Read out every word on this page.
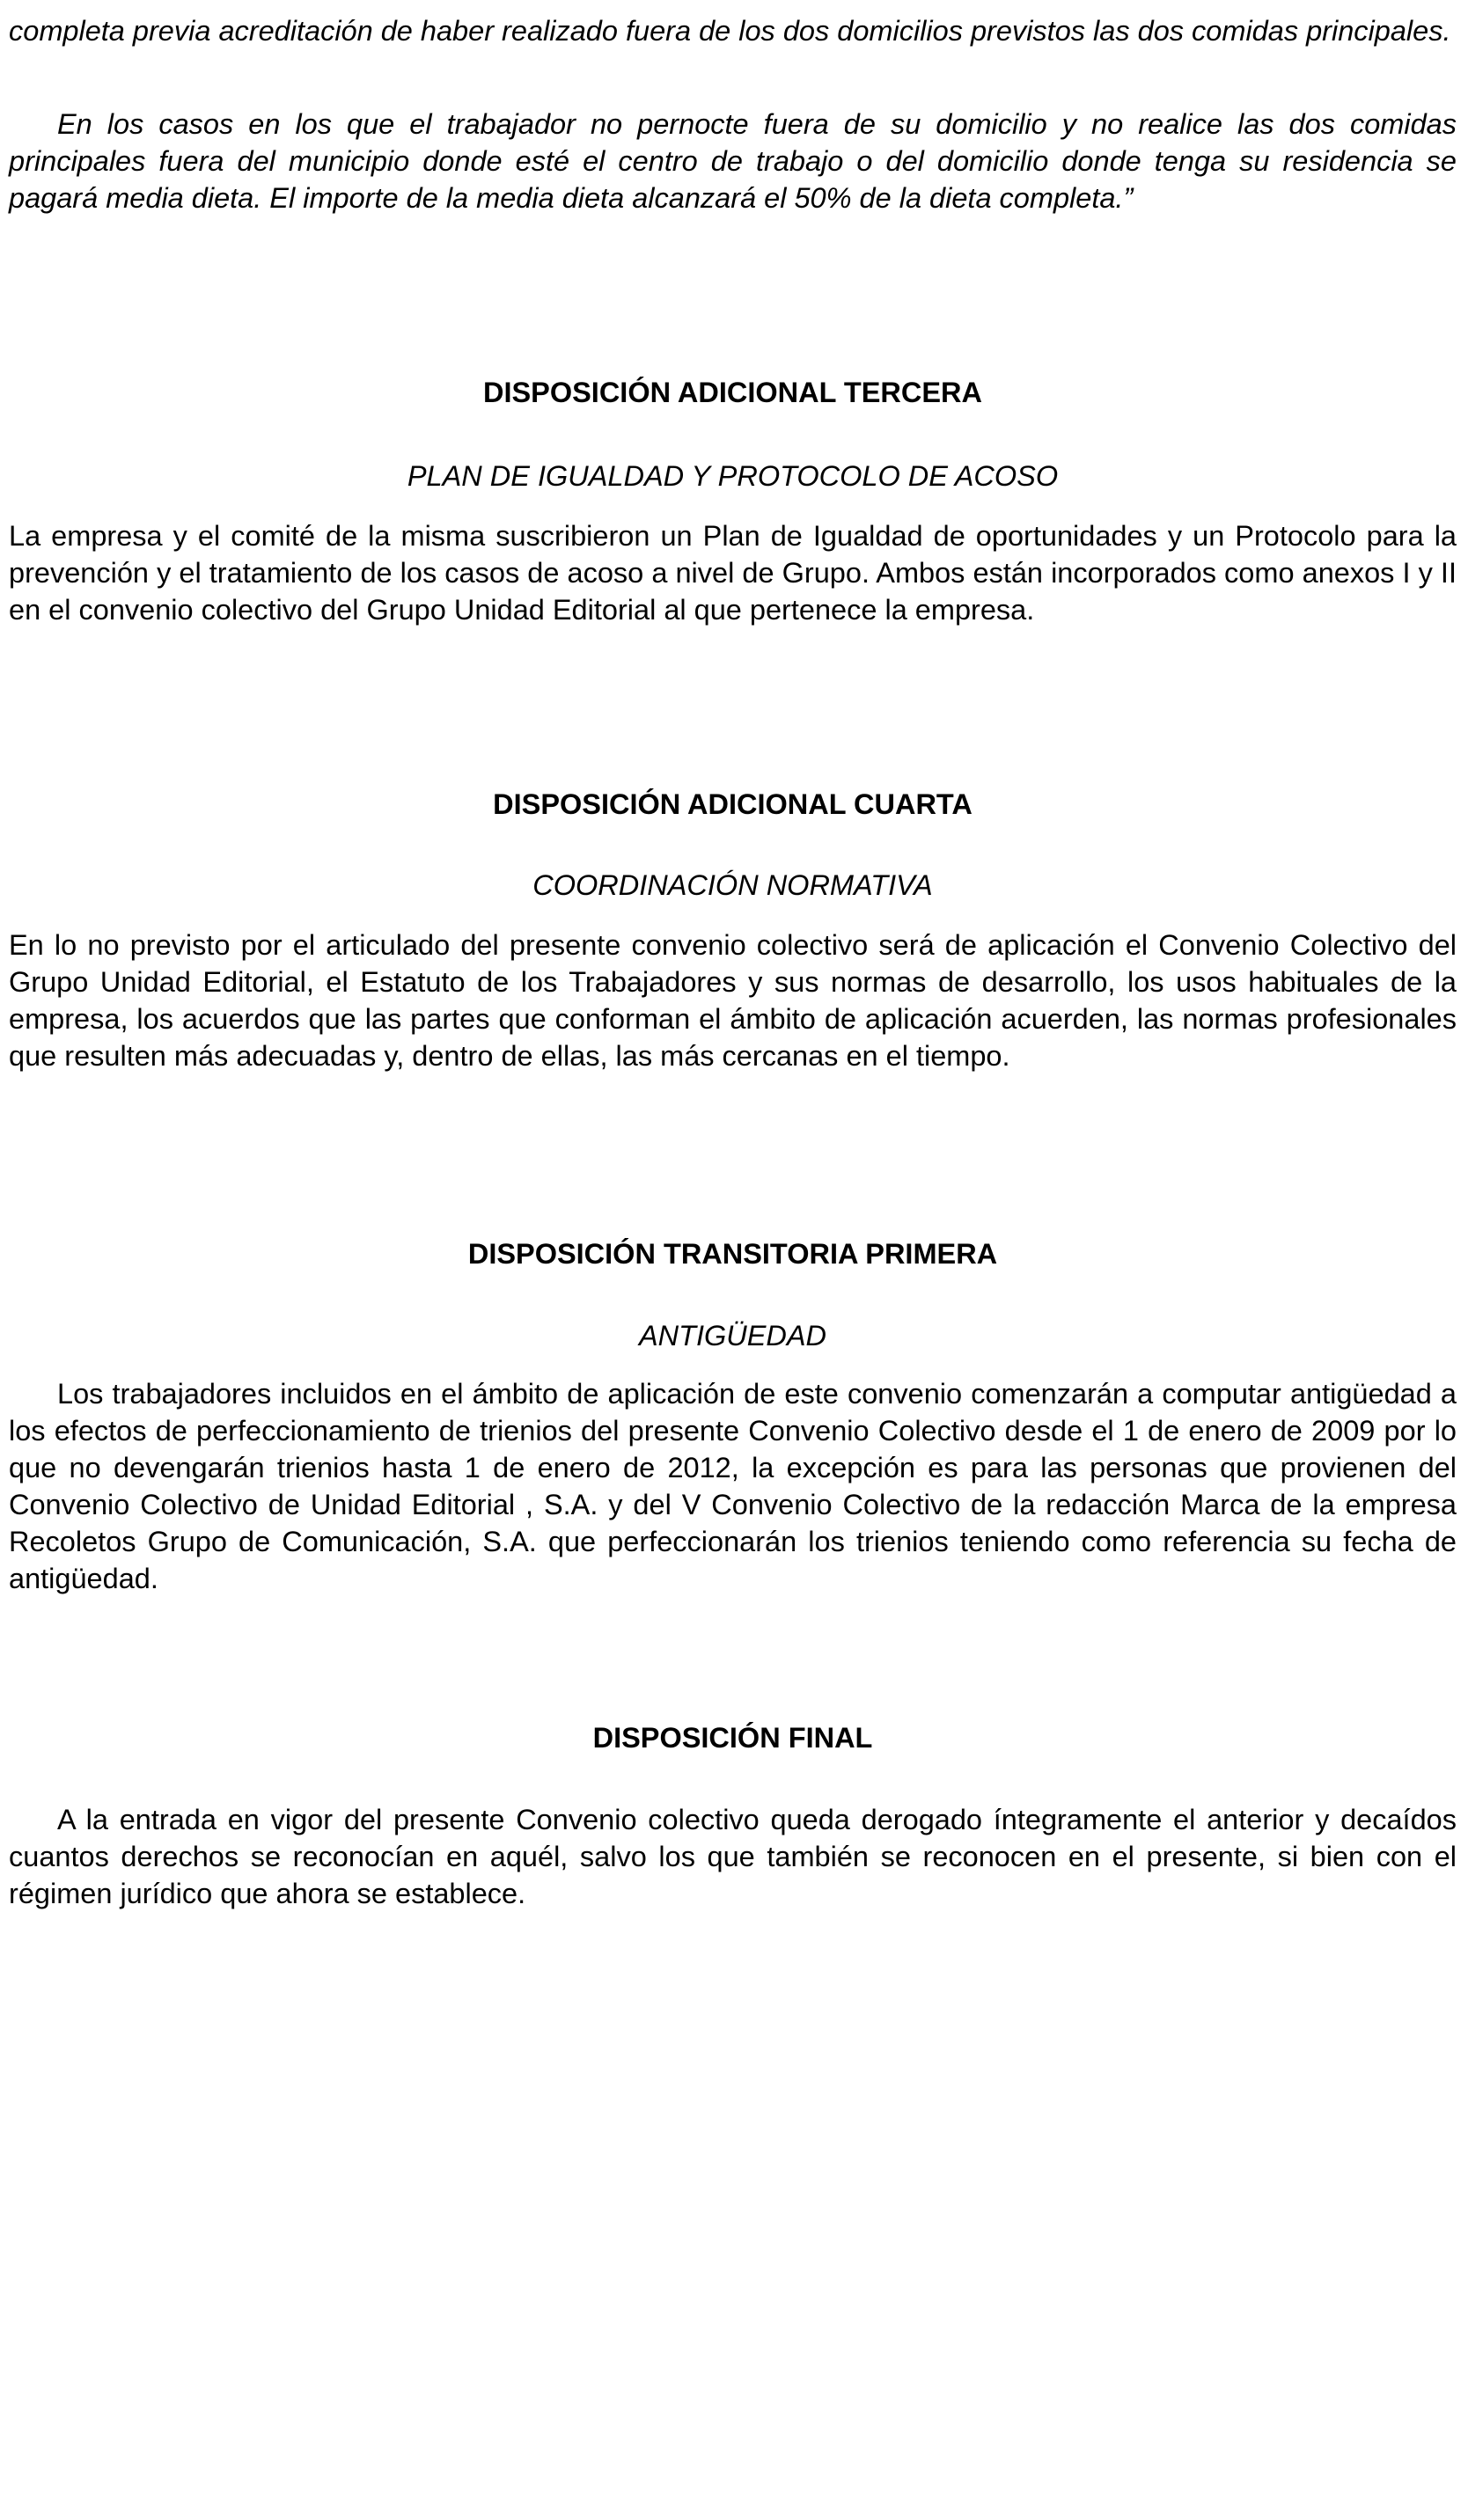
completa previa acreditación de haber realizado fuera de los dos domicilios previstos las dos comidas principales.

En los casos en los que el trabajador no pernocte fuera de su domicilio y no realice las dos comidas principales fuera del municipio donde esté el centro de trabajo o del domicilio donde tenga su residencia se pagará media dieta. El importe de la media dieta alcanzará el 50% de la dieta completa.”

DISPOSICIÓN ADICIONAL TERCERA
PLAN DE IGUALDAD Y PROTOCOLO DE ACOSO

La empresa y el comité de la misma suscribieron un Plan de Igualdad de oportunidades y un Protocolo para la prevención y el tratamiento de los casos de acoso a nivel de Grupo. Ambos están incorporados como anexos I y II en el convenio colectivo del Grupo Unidad Editorial al que pertenece la empresa.

DISPOSICIÓN ADICIONAL CUARTA
COORDINACIÓN NORMATIVA

En lo no previsto por el articulado del presente convenio colectivo será de aplicación el Convenio Colectivo del Grupo Unidad Editorial, el Estatuto de los Trabajadores y sus normas de desarrollo, los usos habituales de la empresa, los acuerdos que las partes que conforman el ámbito de aplicación acuerden, las normas profesionales que resulten más adecuadas y, dentro de ellas, las más cercanas en el tiempo.

DISPOSICIÓN TRANSITORIA PRIMERA
ANTIGÜEDAD

Los trabajadores incluidos en el ámbito de aplicación de este convenio comenzarán a computar antigüedad a los efectos de perfeccionamiento de trienios del presente Convenio Colectivo desde el 1 de enero de 2009 por lo que no devengarán trienios hasta 1 de enero de 2012, la excepción es para las personas que provienen del Convenio Colectivo de Unidad Editorial , S.A. y del V Convenio Colectivo de la redacción Marca de la empresa Recoletos Grupo de Comunicación, S.A. que perfeccionarán los trienios teniendo como referencia su fecha de antigüedad.

DISPOSICIÓN FINAL

A la entrada en vigor del presente Convenio colectivo queda derogado íntegramente el anterior y decaídos cuantos derechos se reconocían en aquél, salvo los que también se reconocen en el presente, si bien con el régimen jurídico que ahora se establece.
